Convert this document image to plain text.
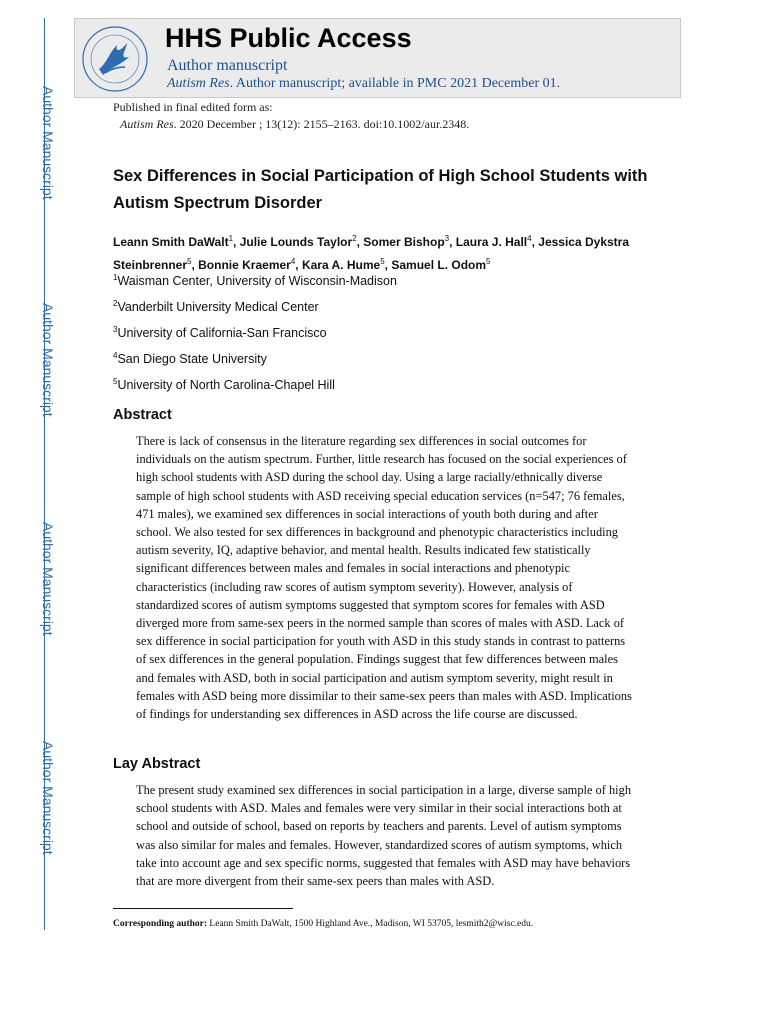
Author Manuscript
Author Manuscript
Author Manuscript
Author Manuscript
HHS Public Access
Author manuscript
Autism Res. Author manuscript; available in PMC 2021 December 01.
Published in final edited form as:
Autism Res. 2020 December ; 13(12): 2155–2163. doi:10.1002/aur.2348.
Sex Differences in Social Participation of High School Students with Autism Spectrum Disorder
Leann Smith DaWalt$^1$, Julie Lounds Taylor$^2$, Somer Bishop$^3$, Laura J. Hall$^4$, Jessica Dykstra Steinbrenner$^5$, Bonnie Kraemer$^4$, Kara A. Hume$^5$, Samuel L. Odom$^5$
$^1$Waisman Center, University of Wisconsin-Madison
$^2$Vanderbilt University Medical Center
$^3$University of California-San Francisco
$^4$San Diego State University
$^5$University of North Carolina-Chapel Hill
Abstract
There is lack of consensus in the literature regarding sex differences in social outcomes for individuals on the autism spectrum. Further, little research has focused on the social experiences of high school students with ASD during the school day. Using a large racially/ethnically diverse sample of high school students with ASD receiving special education services (n=547; 76 females, 471 males), we examined sex differences in social interactions of youth both during and after school. We also tested for sex differences in background and phenotypic characteristics including autism severity, IQ, adaptive behavior, and mental health. Results indicated few statistically significant differences between males and females in social interactions and phenotypic characteristics (including raw scores of autism symptom severity). However, analysis of standardized scores of autism symptoms suggested that symptom scores for females with ASD diverged more from same-sex peers in the normed sample than scores of males with ASD. Lack of sex difference in social participation for youth with ASD in this study stands in contrast to patterns of sex differences in the general population. Findings suggest that few differences between males and females with ASD, both in social participation and autism symptom severity, might result in females with ASD being more dissimilar to their same-sex peers than males with ASD. Implications of findings for understanding sex differences in ASD across the life course are discussed.
Lay Abstract
The present study examined sex differences in social participation in a large, diverse sample of high school students with ASD. Males and females were very similar in their social interactions both at school and outside of school, based on reports by teachers and parents. Level of autism symptoms was also similar for males and females. However, standardized scores of autism symptoms, which take into account age and sex specific norms, suggested that females with ASD may have behaviors that are more divergent from their same-sex peers than males with ASD.
Corresponding author: Leann Smith DaWalt, 1500 Highland Ave., Madison, WI 53705, lesmith2@wisc.edu.
